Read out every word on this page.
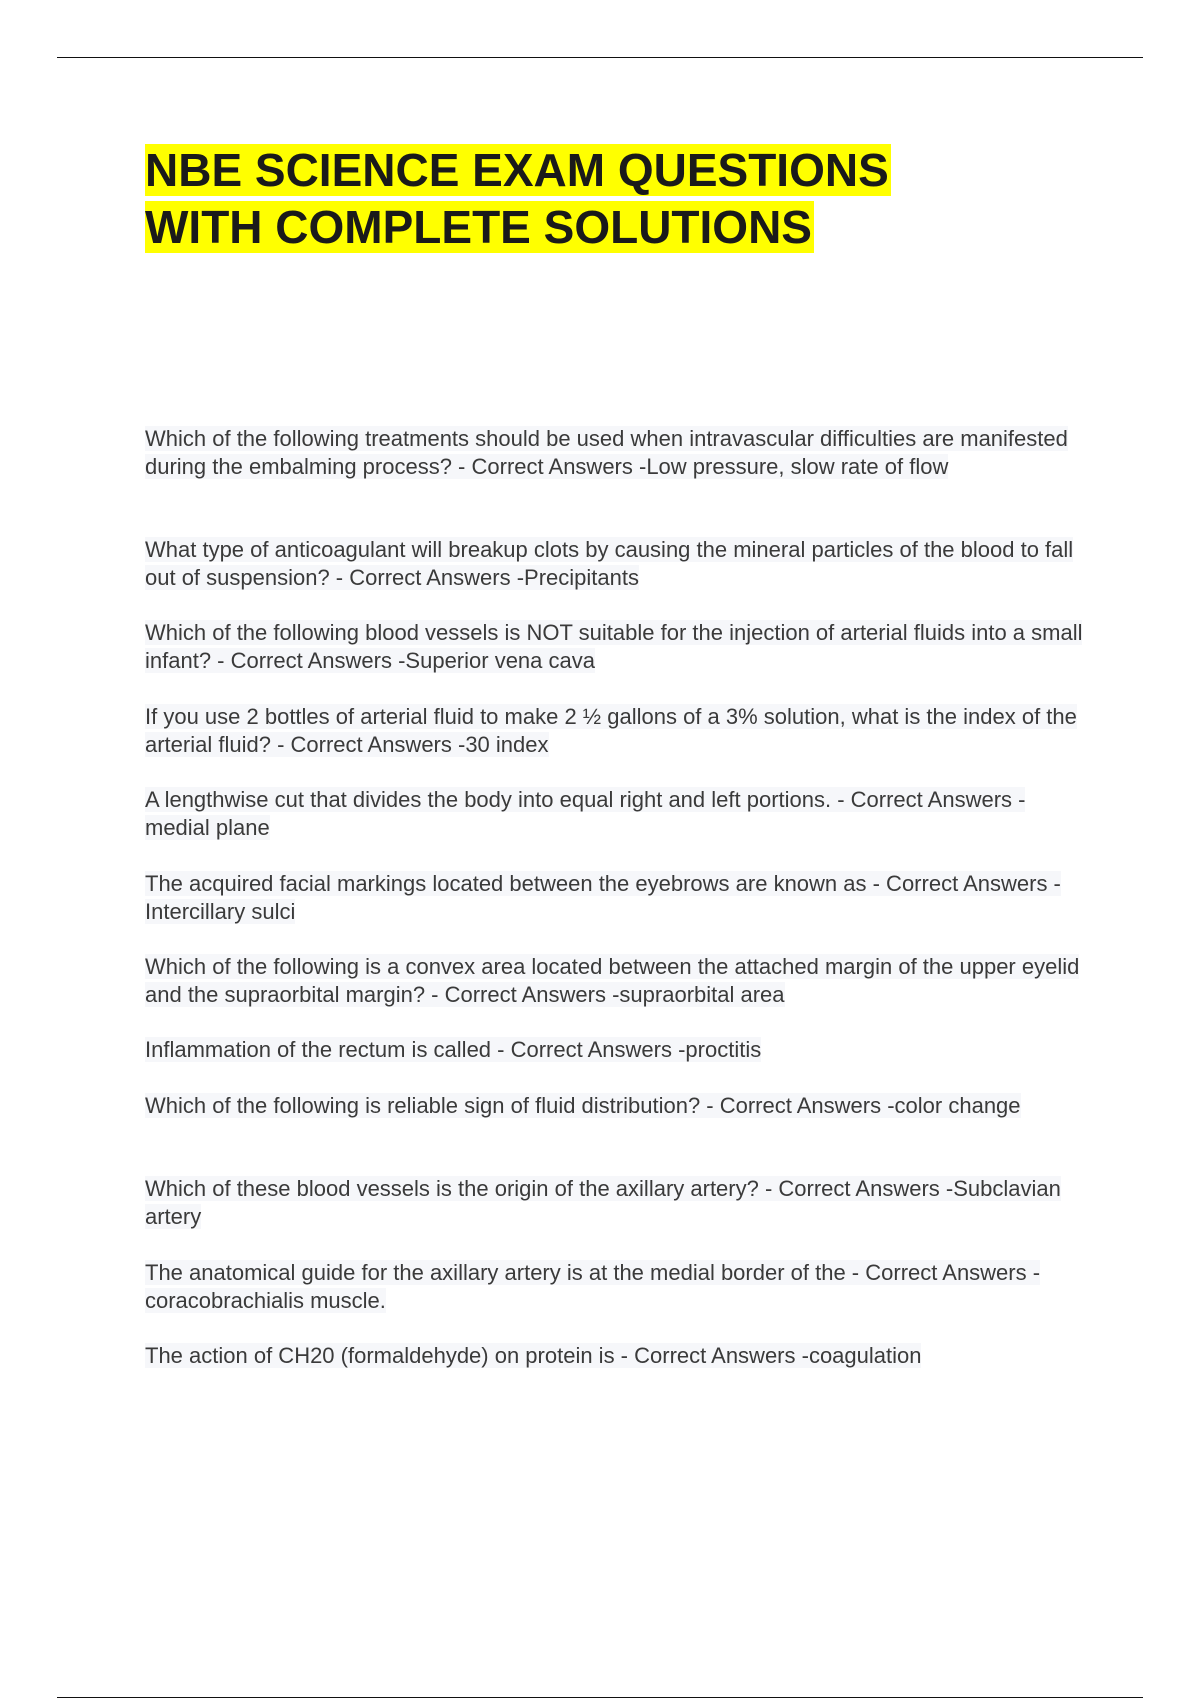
NBE SCIENCE EXAM QUESTIONS
WITH COMPLETE SOLUTIONS

Which of the following treatments should be used when intravascular difficulties are manifested during the embalming process? - Correct Answers -Low pressure, slow rate of flow

What type of anticoagulant will breakup clots by causing the mineral particles of the blood to fall out of suspension? - Correct Answers -Precipitants

Which of the following blood vessels is NOT suitable for the injection of arterial fluids into a small infant? - Correct Answers -Superior vena cava

If you use 2 bottles of arterial fluid to make 2 ½ gallons of a 3% solution, what is the index of the arterial fluid? - Correct Answers -30 index

A lengthwise cut that divides the body into equal right and left portions. - Correct Answers -medial plane

The acquired facial markings located between the eyebrows are known as - Correct Answers -Intercillary sulci

Which of the following is a convex area located between the attached margin of the upper eyelid and the supraorbital margin? - Correct Answers -supraorbital area

Inflammation of the rectum is called - Correct Answers -proctitis

Which of the following is reliable sign of fluid distribution? - Correct Answers -color change

Which of these blood vessels is the origin of the axillary artery? - Correct Answers -Subclavian artery

The anatomical guide for the axillary artery is at the medial border of the - Correct Answers -coracobrachialis muscle.

The action of CH20 (formaldehyde) on protein is - Correct Answers -coagulation
